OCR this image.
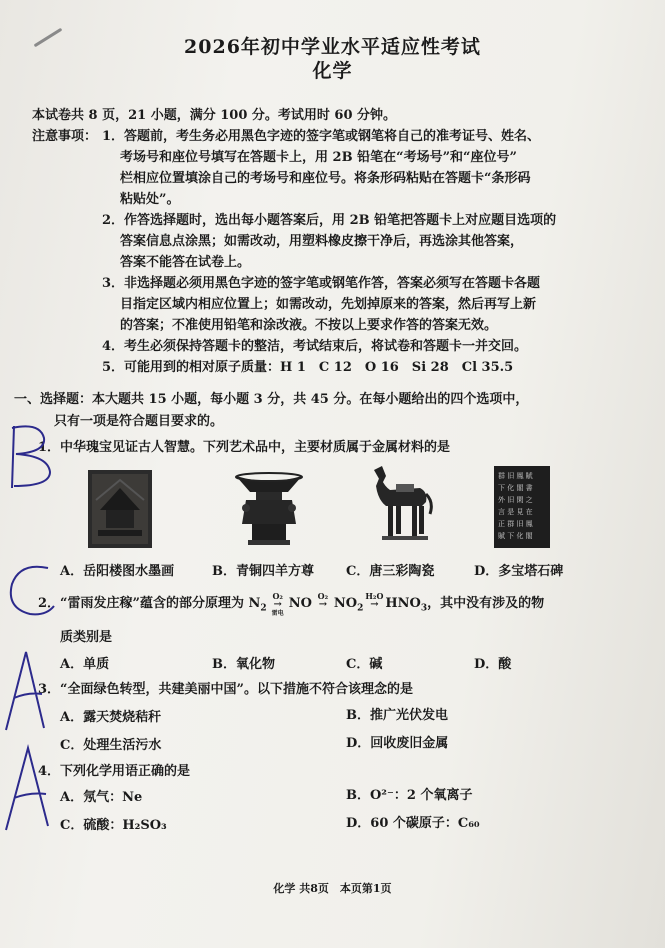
2026年初中学业水平适应性考试
化学
本试卷共 8 页，21 小题，满分 100 分。考试用时 60 分钟。
注意事项： 1．答题前，考生务必用黑色字迹的签字笔或钢笔将自己的准考证号、姓名、
考场号和座位号填写在答题卡上，用 2B 铅笔在“考场号”和“座位号”
栏相应位置填涂自己的考场号和座位号。将条形码粘贴在答题卡“条形码
粘贴处”。
2．作答选择题时，选出每小题答案后，用 2B 铅笔把答题卡上对应题目选项的
答案信息点涂黑；如需改动，用塑料橡皮擦干净后，再选涂其他答案，
答案不能答在试卷上。
3．非选择题必须用黑色字迹的签字笔或钢笔作答，答案必须写在答题卡各题
目指定区域内相应位置上；如需改动，先划掉原来的答案，然后再写上新
的答案；不准使用铅笔和涂改液。不按以上要求作答的答案无效。
4．考生必须保持答题卡的整洁，考试结束后，将试卷和答题卡一并交回。
5．可能用到的相对原子质量：H 1　C 12　O 16　Si 28　Cl 35.5
一、选择题：本大题共 15 小题，每小题 3 分，共 45 分。在每小题给出的四个选项中，
只有一项是符合题目要求的。
1．中华瑰宝见证古人智慧。下列艺术品中，主要材质属于金属材料的是
群 旧 鳳 賦
下 化 閣 書
外 旧 閑 之
言 是 見 在
正 群 旧 鳳
賦 下 化 閣
A．岳阳楼图水墨画	B．青铜四羊方尊 C．唐三彩陶瓷	D．多宝塔石碑
2．“雷雨发庄稼”蕴含的部分原理为 $N_2$
O₂
→
雷电
NO O₂
→ $NO_2$
H₂O
→ $HNO_3$，其中没有涉及的物
质类别是
A．单质	B．氧化物	C．碱	D．酸
3．“全面绿色转型，共建美丽中国”。以下措施不符合该理念的是
A．露天焚烧秸秆	B．推广光伏发电
C．处理生活污水	D．回收废旧金属
4．下列化学用语正确的是
A．氖气：Ne	B．O²⁻：2 个氧离子
C．硫酸：H₂SO₃	D．60 个碳原子：C₆₀
化学 共8页　本页第1页
